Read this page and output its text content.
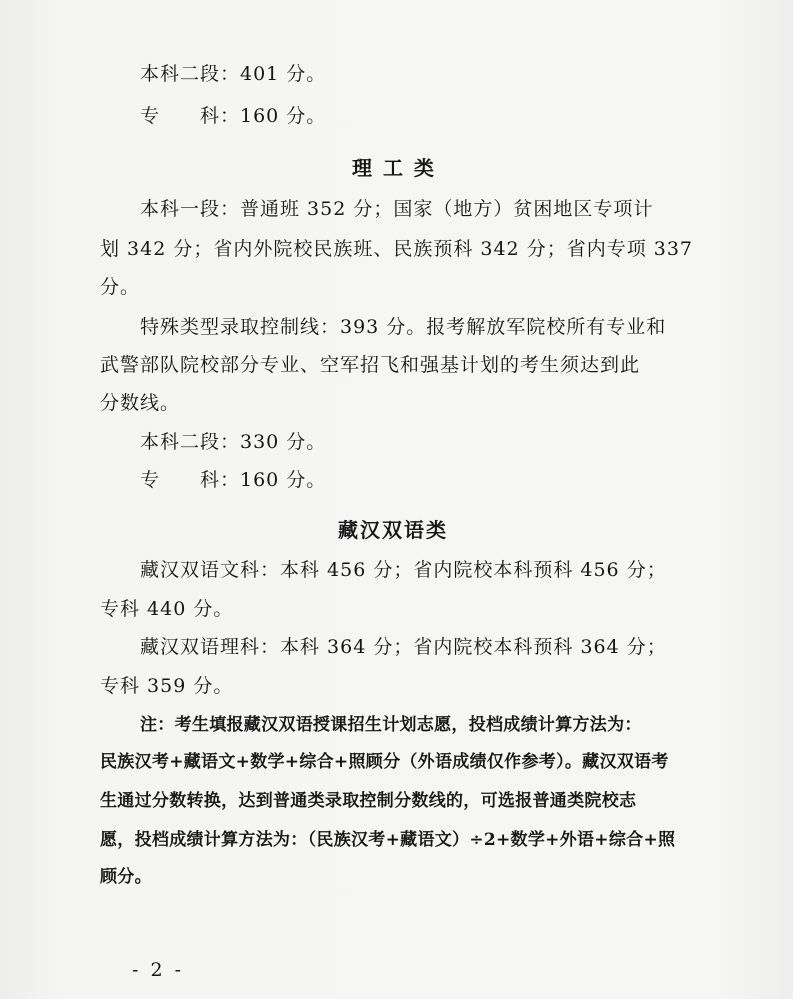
本科二段：401 分。
专　　科：160 分。
理 工 类
本科一段：普通班 352 分；国家（地方）贫困地区专项计
划 342 分；省内外院校民族班、民族预科 342 分；省内专项 337
分。
特殊类型录取控制线：393 分。报考解放军院校所有专业和
武警部队院校部分专业、空军招飞和强基计划的考生须达到此
分数线。
本科二段：330 分。
专　　科：160 分。
藏汉双语类
藏汉双语文科：本科 456 分；省内院校本科预科 456 分；
专科 440 分。
藏汉双语理科：本科 364 分；省内院校本科预科 364 分；
专科 359 分。
注：考生填报藏汉双语授课招生计划志愿，投档成绩计算方法为：
民族汉考+藏语文+数学+综合+照顾分（外语成绩仅作参考）。藏汉双语考
生通过分数转换，达到普通类录取控制分数线的，可选报普通类院校志
愿，投档成绩计算方法为：（民族汉考+藏语文）÷2+数学+外语+综合+照
顾分。
- 2 -
